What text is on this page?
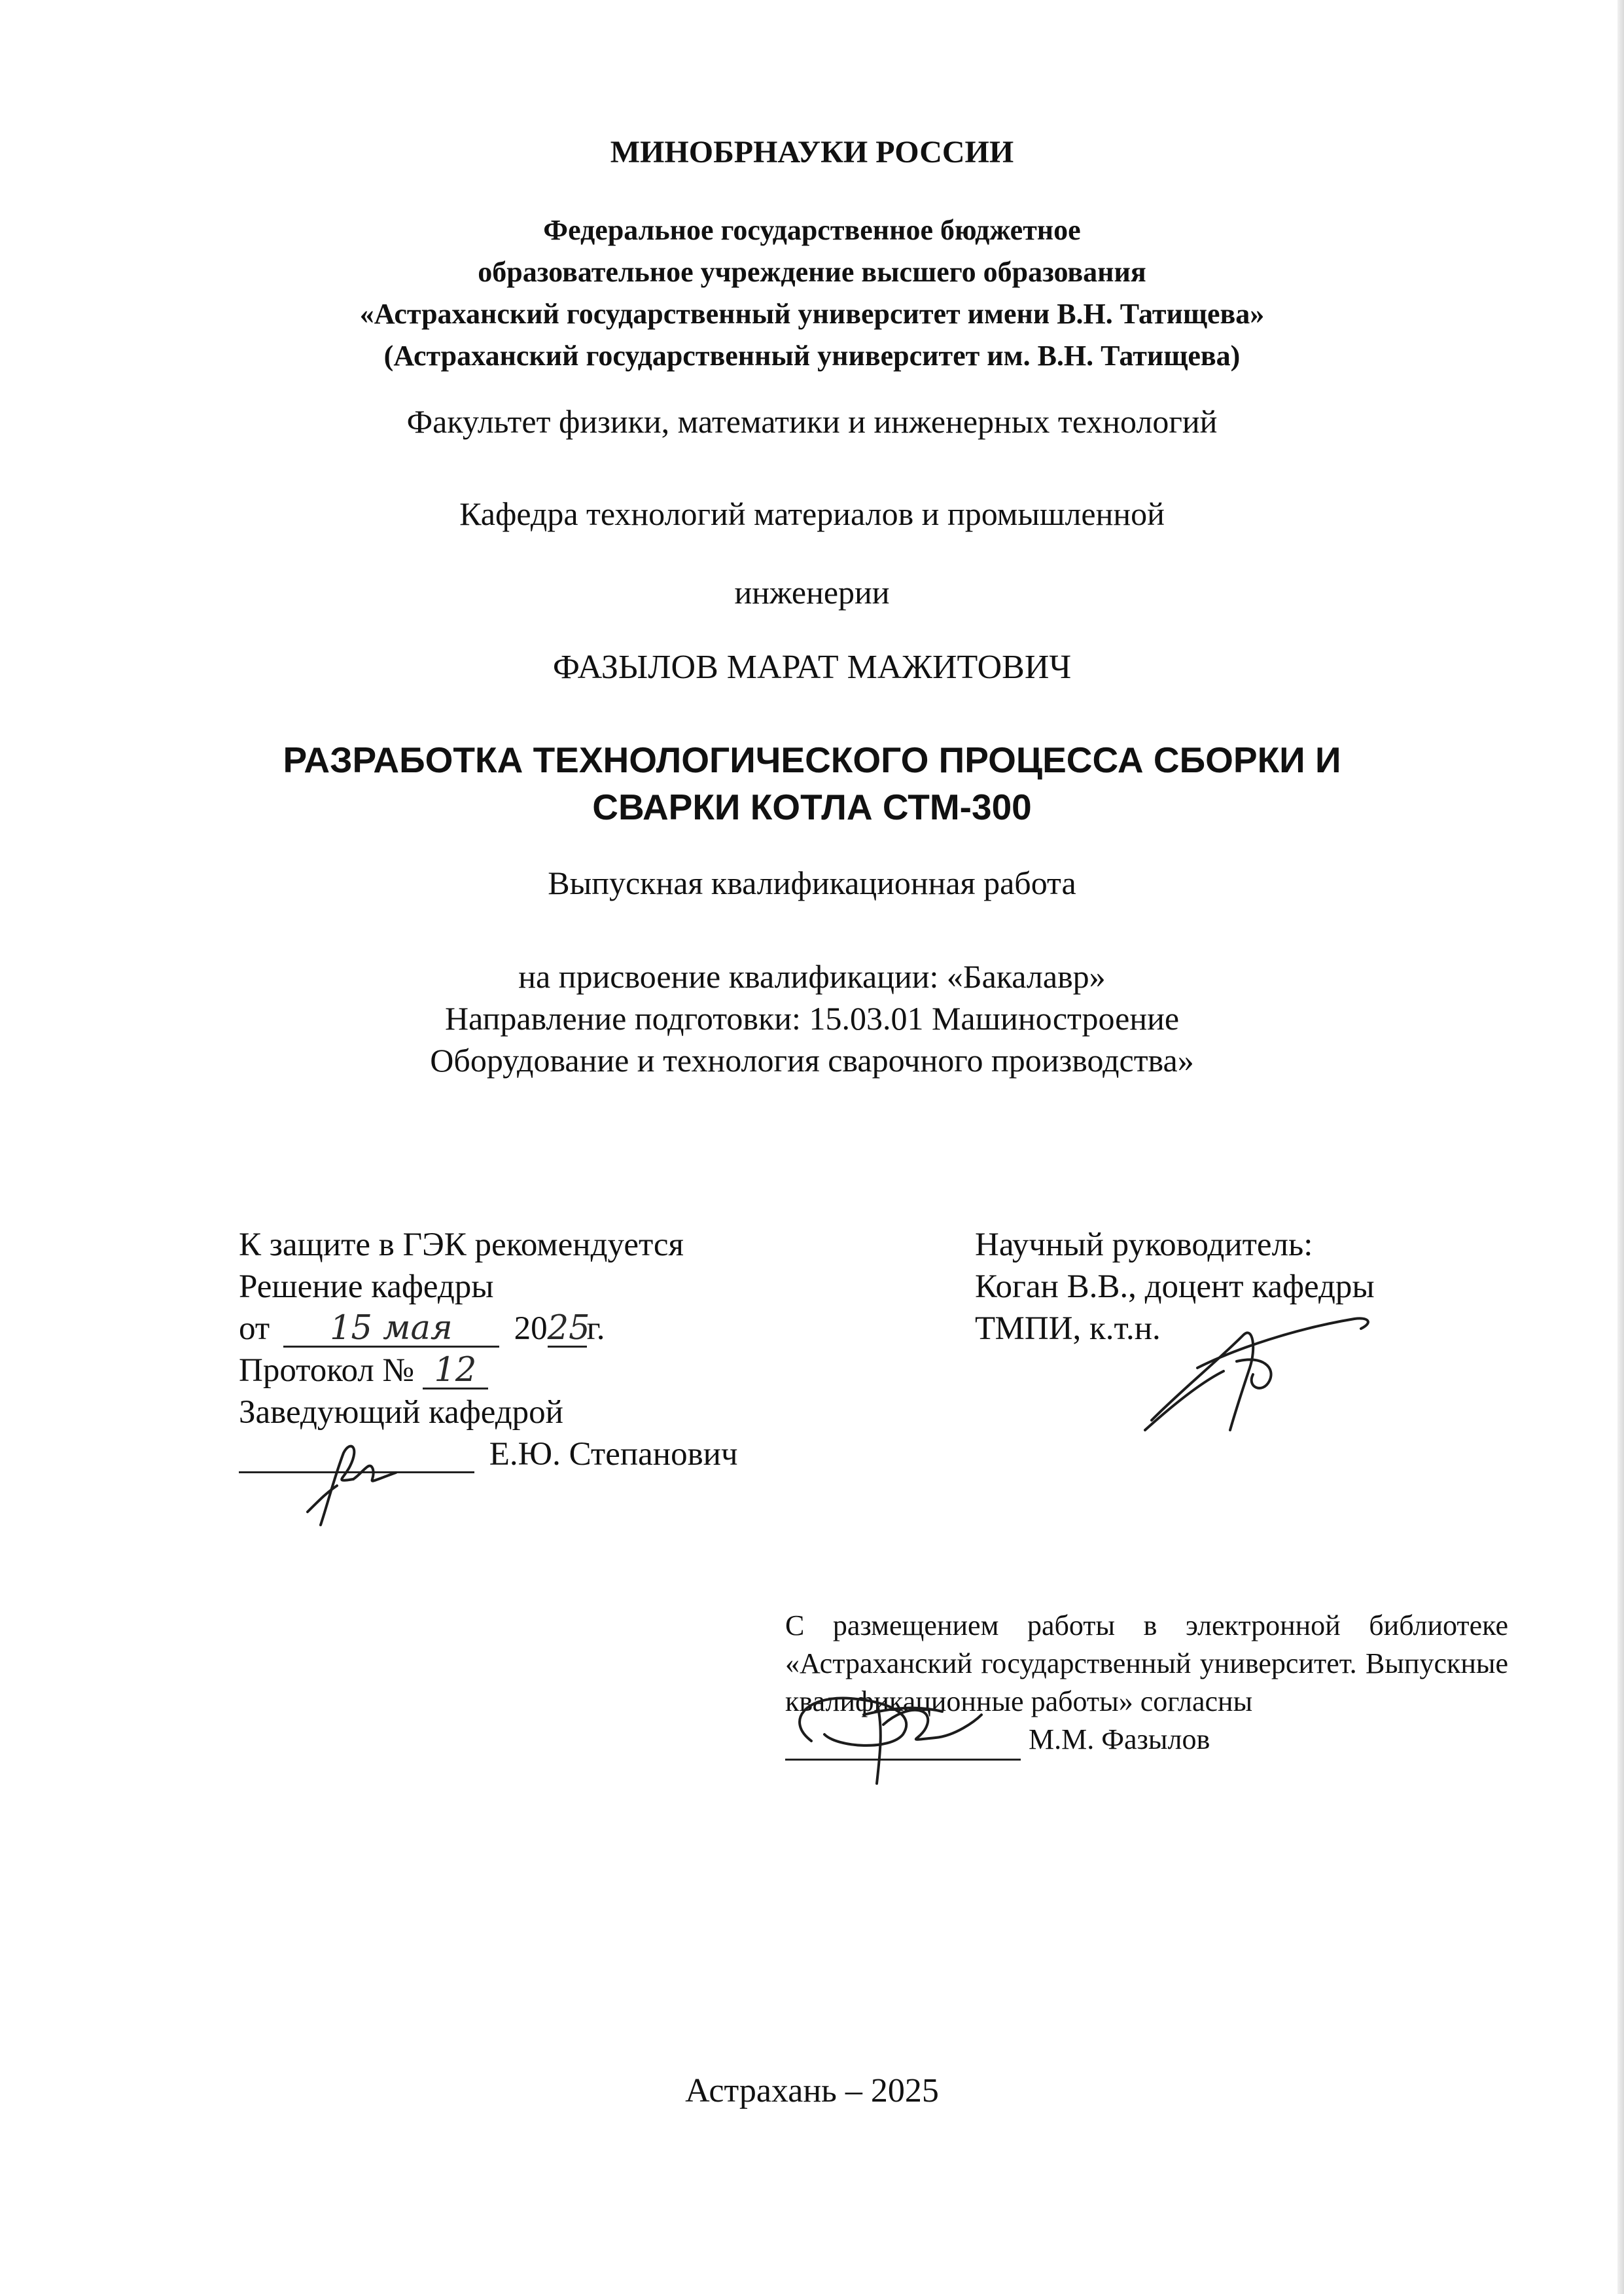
МИНОБРНАУКИ РОССИИ
Федеральное государственное бюджетное
образовательное учреждение высшего образования
«Астраханский государственный университет имени В.Н. Татищева»
(Астраханский государственный университет им. В.Н. Татищева)
Факультет физики, математики и инженерных технологий
Кафедра технологий материалов и промышленной
инженерии
ФАЗЫЛОВ МАРАТ МАЖИТОВИЧ
РАЗРАБОТКА ТЕХНОЛОГИЧЕСКОГО ПРОЦЕССА СБОРКИ И
СВАРКИ КОТЛА СТМ-300
Выпускная квалификационная работа
на присвоение квалификации: «Бакалавр»
Направление подготовки: 15.03.01 Машиностроение
Оборудование и технология сварочного производства»
К защите в ГЭК рекомендуется
Решение кафедры
от 15 мая 2025г.
Протокол № 12
Заведующий кафедрой
Е.Ю. Степанович
Научный руководитель:
Коган В.В., доцент кафедры
ТМПИ, к.т.н.
С размещением работы в электронной библиотеке «Астраханский государственный университет. Выпускные квалификационные работы» согласны
М.М. Фазылов
Астрахань – 2025
